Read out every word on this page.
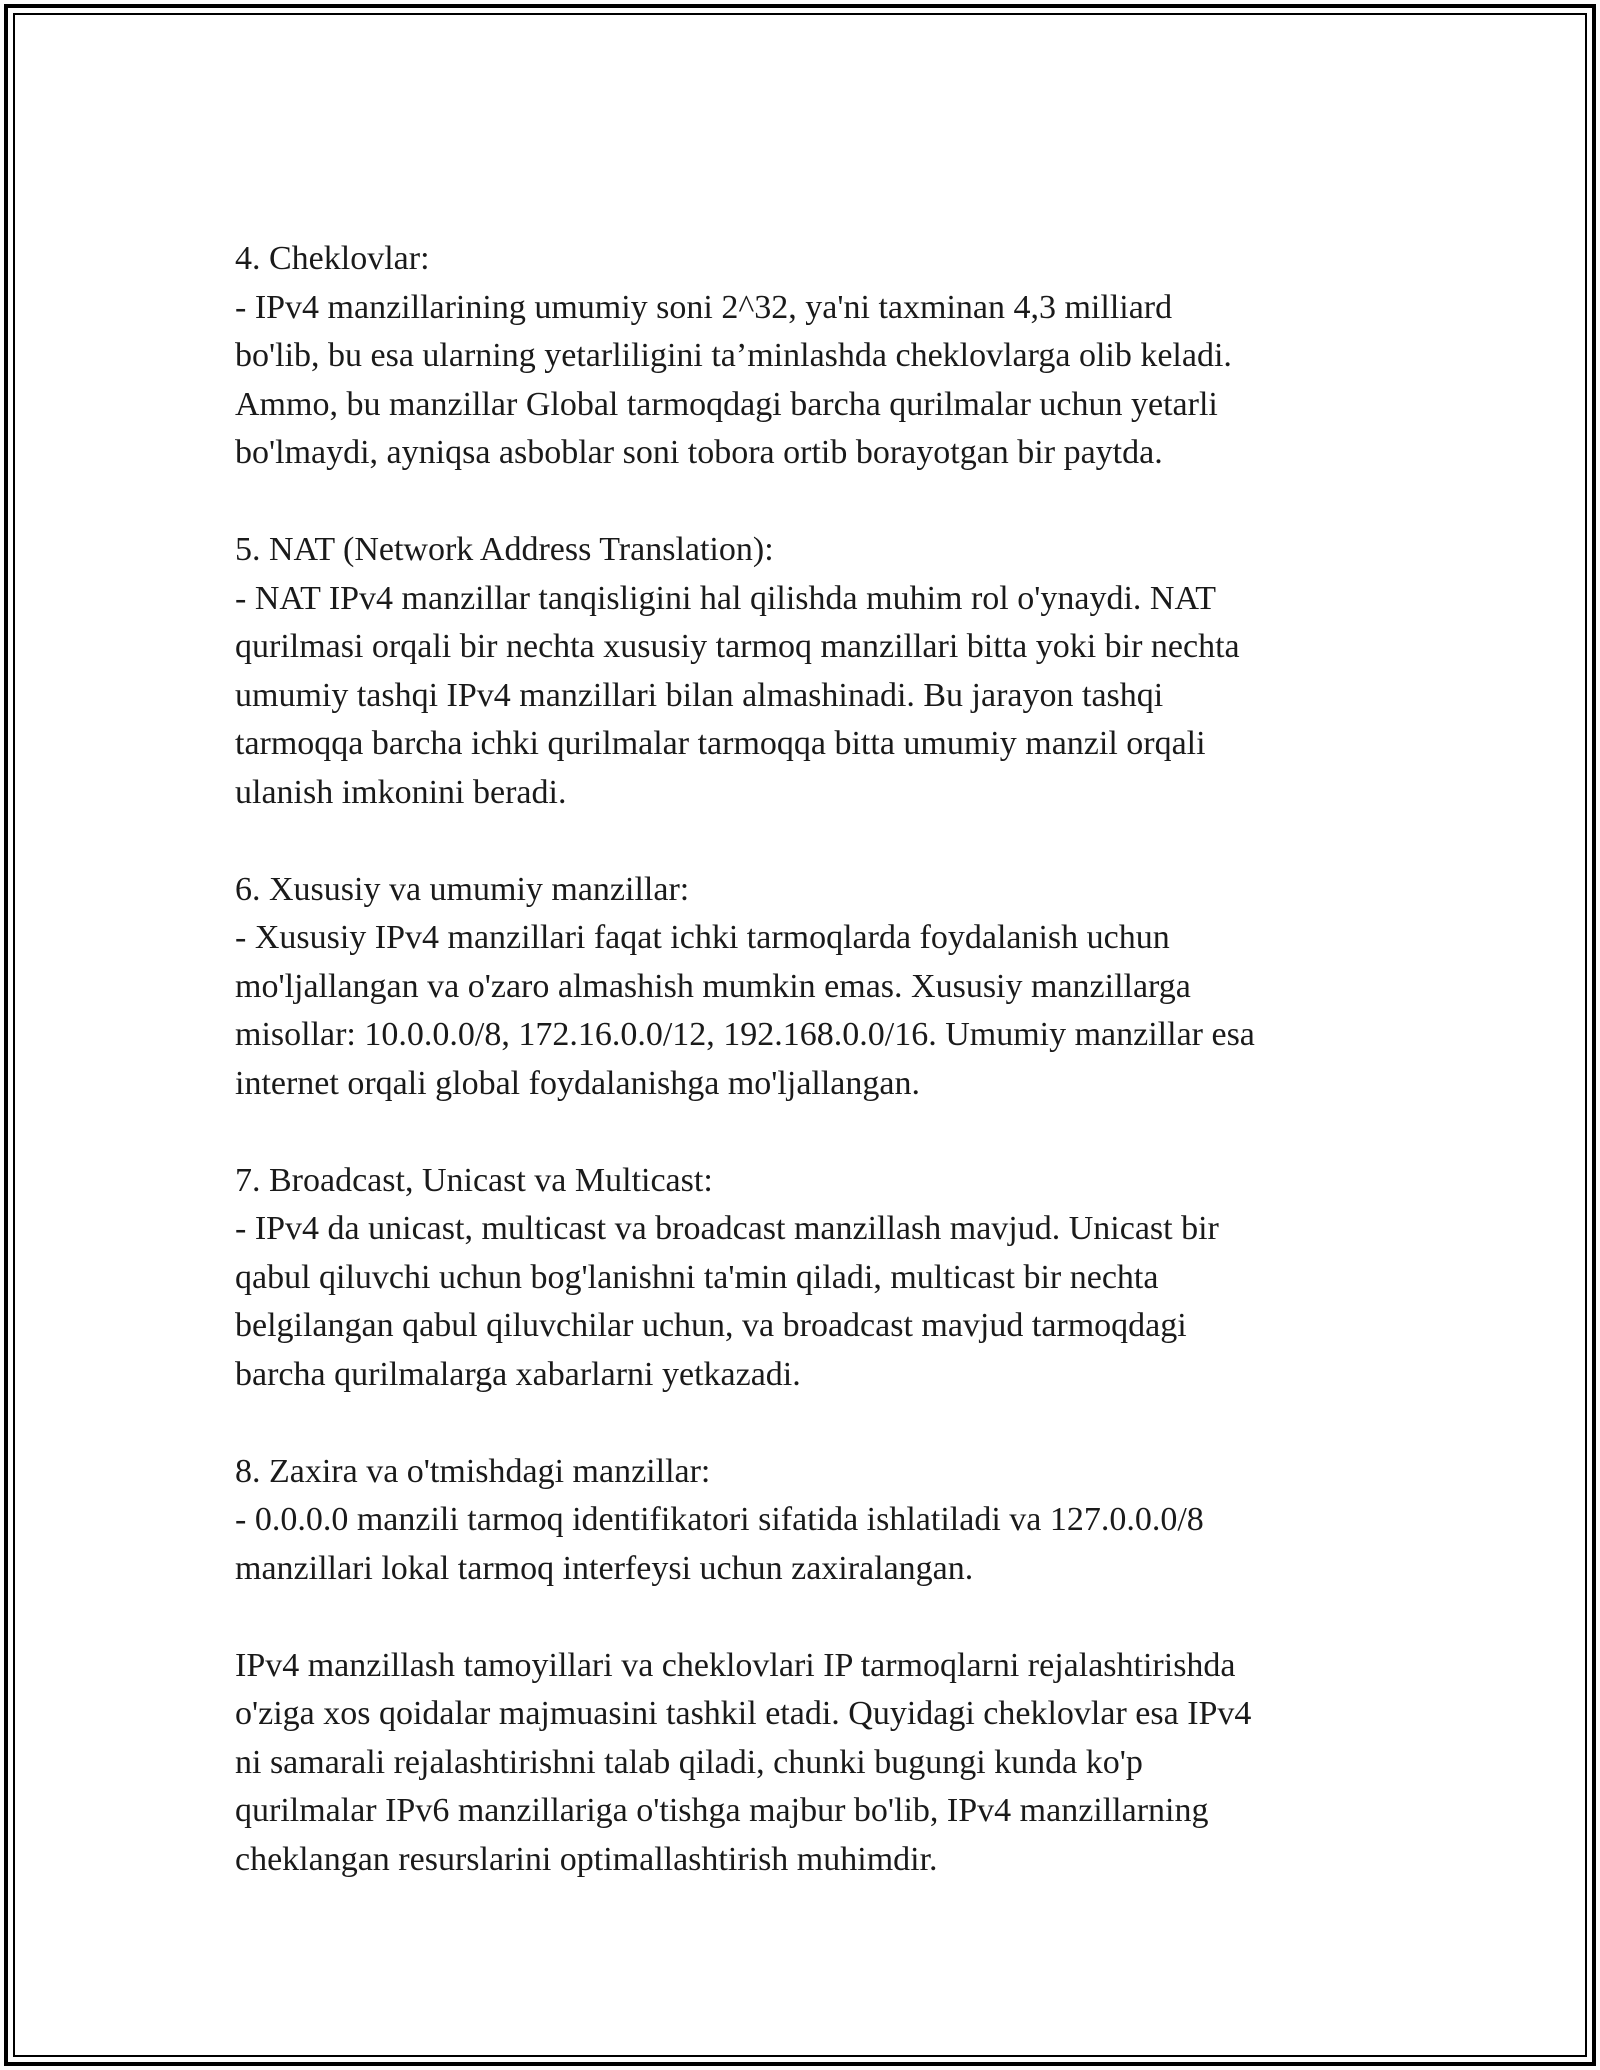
4. Cheklovlar:

- IPv4 manzillarining umumiy soni 2^32, ya'ni taxminan 4,3 milliard
bo'lib, bu esa ularning yetarliligini ta’minlashda cheklovlarga olib keladi.
Ammo, bu manzillar Global tarmoqdagi barcha qurilmalar uchun yetarli
bo'lmaydi, ayniqsa asboblar soni tobora ortib borayotgan bir paytda.

5. NAT (Network Address Translation):

- NAT IPv4 manzillar tanqisligini hal qilishda muhim rol o'ynaydi. NAT
qurilmasi orqali bir nechta xususiy tarmoq manzillari bitta yoki bir nechta
umumiy tashqi IPv4 manzillari bilan almashinadi. Bu jarayon tashqi
tarmoqqa barcha ichki qurilmalar tarmoqqa bitta umumiy manzil orqali
ulanish imkonini beradi.

6. Xususiy va umumiy manzillar:

- Xususiy IPv4 manzillari faqat ichki tarmoqlarda foydalanish uchun
mo'ljallangan va o'zaro almashish mumkin emas. Xususiy manzillarga
misollar: 10.0.0.0/8, 172.16.0.0/12, 192.168.0.0/16. Umumiy manzillar esa
internet orqali global foydalanishga mo'ljallangan.

7. Broadcast, Unicast va Multicast:

- IPv4 da unicast, multicast va broadcast manzillash mavjud. Unicast bir
qabul qiluvchi uchun bog'lanishni ta'min qiladi, multicast bir nechta
belgilangan qabul qiluvchilar uchun, va broadcast mavjud tarmoqdagi
barcha qurilmalarga xabarlarni yetkazadi.

8. Zaxira va o'tmishdagi manzillar:

- 0.0.0.0 manzili tarmoq identifikatori sifatida ishlatiladi va 127.0.0.0/8
manzillari lokal tarmoq interfeysi uchun zaxiralangan.

IPv4 manzillash tamoyillari va cheklovlari IP tarmoqlarni rejalashtirishda
o'ziga xos qoidalar majmuasini tashkil etadi. Quyidagi cheklovlar esa IPv4
ni samarali rejalashtirishni talab qiladi, chunki bugungi kunda ko'p
qurilmalar IPv6 manzillariga o'tishga majbur bo'lib, IPv4 manzillarning
cheklangan resurslarini optimallashtirish muhimdir.
